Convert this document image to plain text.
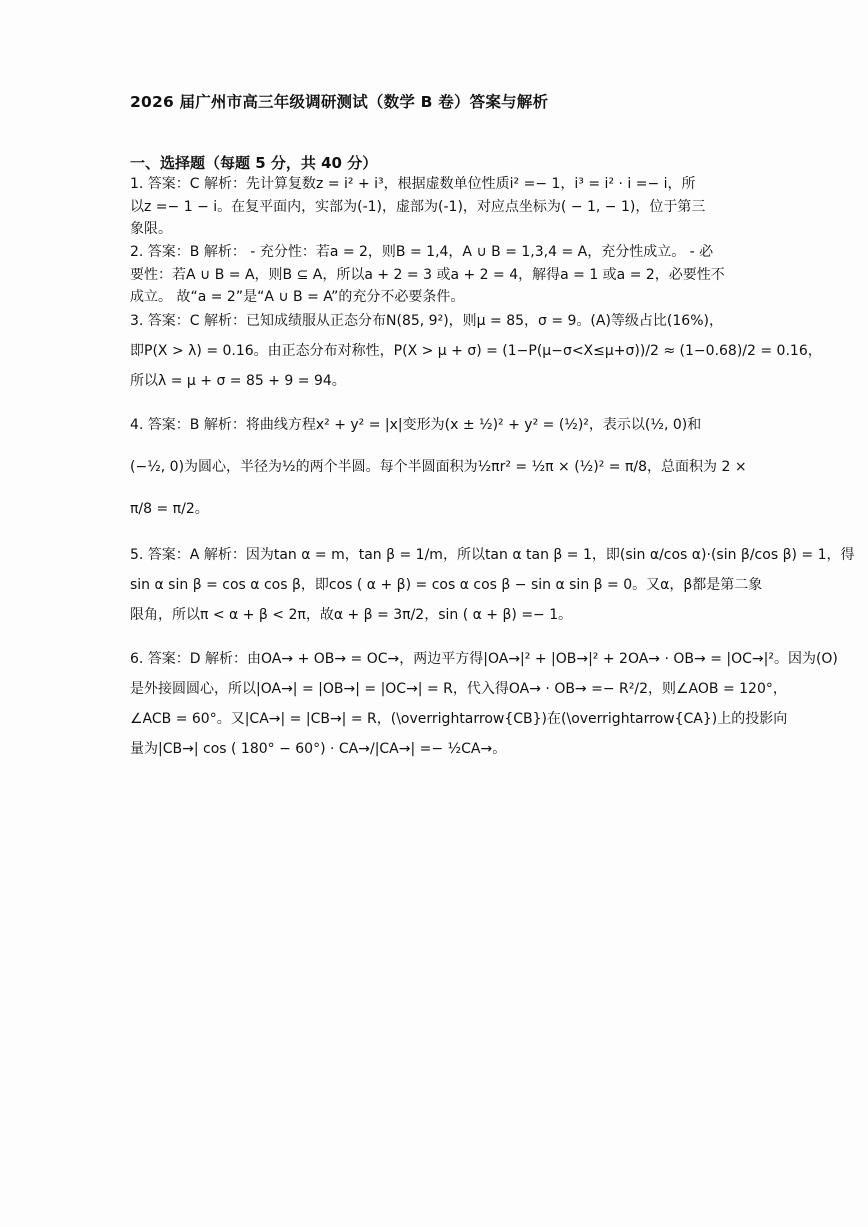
2026 届广州市高三年级调研测试（数学 B 卷）答案与解析
一、选择题（每题 5 分，共 40 分）
1. 答案：C 解析：先计算复数z = i² + i³，根据虚数单位性质i² =− 1，i³ = i² · i =− i，所
以z =− 1 − i。在复平面内，实部为(-1)，虚部为(-1)，对应点坐标为( − 1, − 1)，位于第三
象限。
2. 答案：B 解析： - 充分性：若a = 2，则B = 1,4，A ∪ B = 1,3,4 = A，充分性成立。 - 必
要性：若A ∪ B = A，则B ⊆ A，所以a + 2 = 3 或a + 2 = 4，解得a = 1 或a = 2，必要性不
成立。 故“a = 2”是“A ∪ B = A”的充分不必要条件。
3. 答案：C 解析：已知成绩服从正态分布N(85, 9²)，则μ = 85，σ = 9。(A)等级占比(16%)，
即P(X > λ) = 0.16。由正态分布对称性，P(X > μ + σ) = (1−P(μ−σ<X≤μ+σ))/2 ≈ (1−0.68)/2 = 0.16，
所以λ = μ + σ = 85 + 9 = 94。
4. 答案：B 解析：将曲线方程x² + y² = |x|变形为(x ± ½)² + y² = (½)²，表示以(½, 0)和
(−½, 0)为圆心，半径为½的两个半圆。每个半圆面积为½πr² = ½π × (½)² = π/8，总面积为 2 ×
π/8 = π/2。
5. 答案：A 解析：因为tan α = m，tan β = 1/m，所以tan α tan β = 1，即(sin α/cos α)·(sin β/cos β) = 1，得
sin α sin β = cos α cos β，即cos ( α + β) = cos α cos β − sin α sin β = 0。又α，β都是第二象
限角，所以π < α + β < 2π，故α + β = 3π/2，sin ( α + β) =− 1。
6. 答案：D 解析：由OA→ + OB→ = OC→，两边平方得|OA→|² + |OB→|² + 2OA→ · OB→ = |OC→|²。因为(O)
是外接圆圆心，所以|OA→| = |OB→| = |OC→| = R，代入得OA→ · OB→ =− R²/2，则∠AOB = 120°，
∠ACB = 60°。又|CA→| = |CB→| = R，(\overrightarrow{CB})在(\overrightarrow{CA})上的投影向
量为|CB→| cos ( 180° − 60°) · CA→/|CA→| =− ½CA→。
